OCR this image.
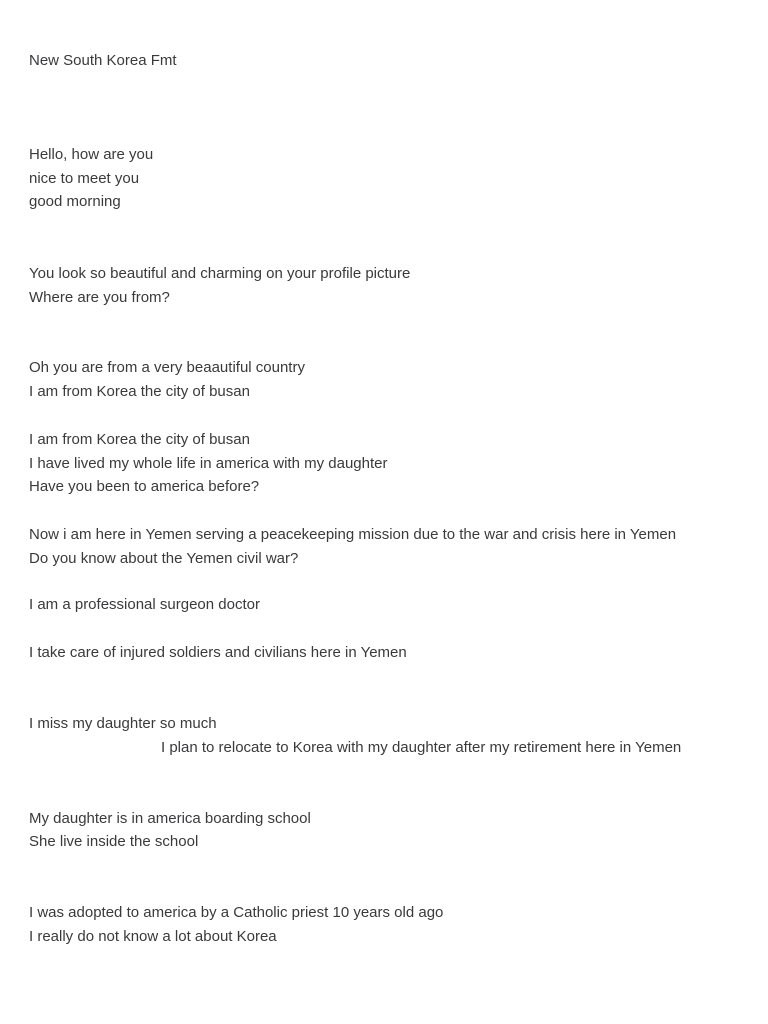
New South Korea Fmt
Hello, how are you
nice to meet you
good morning
You look so beautiful and charming on your profile picture
Where are you from?
Oh you are from a very beaautiful country
I am from Korea the city of busan
I am from Korea the city of busan
I have lived my whole life in america with my daughter
Have you been to america before?
Now i am here in Yemen serving a peacekeeping mission due to the war and crisis here in Yemen
Do you know about the Yemen civil war?
I am a professional surgeon doctor
I take care of injured soldiers and civilians here in Yemen
I miss my daughter so much
I plan to relocate to Korea with my daughter after my retirement here in Yemen
My daughter is in america boarding school
She live inside the school
I was adopted to america by a Catholic priest 10 years old ago
I really do not know a lot about Korea
